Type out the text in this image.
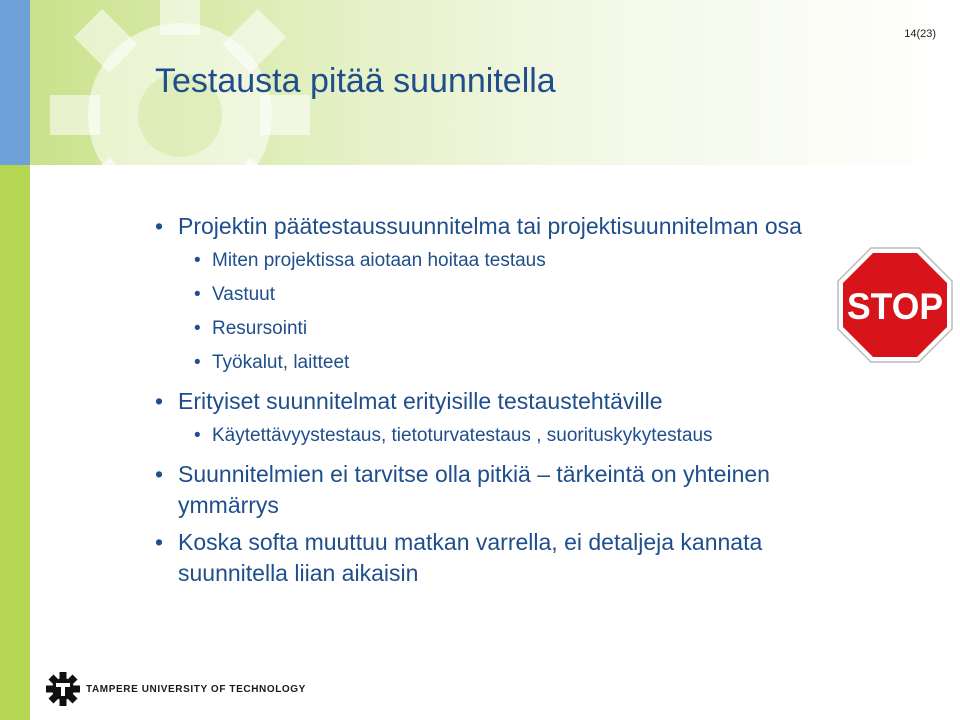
14(23)
Testausta pitää suunnitella
• Projektin päätestaussuunnitelma tai projektisuunnitelman osa
• Miten projektissa aiotaan hoitaa testaus
• Vastuut
• Resursointi
• Työkalut, laitteet
• Erityiset suunnitelmat erityisille testaustehtäville
• Käytettävyystestaus, tietoturvatestaus , suorituskykytestaus
• Suunnitelmien ei tarvitse olla pitkiä – tärkeintä on yhteinen ymmärrys
• Koska softa muuttuu matkan varrella, ei detaljeja kannata suunnitella liian aikaisin
STOP
TAMPERE UNIVERSITY OF TECHNOLOGY
